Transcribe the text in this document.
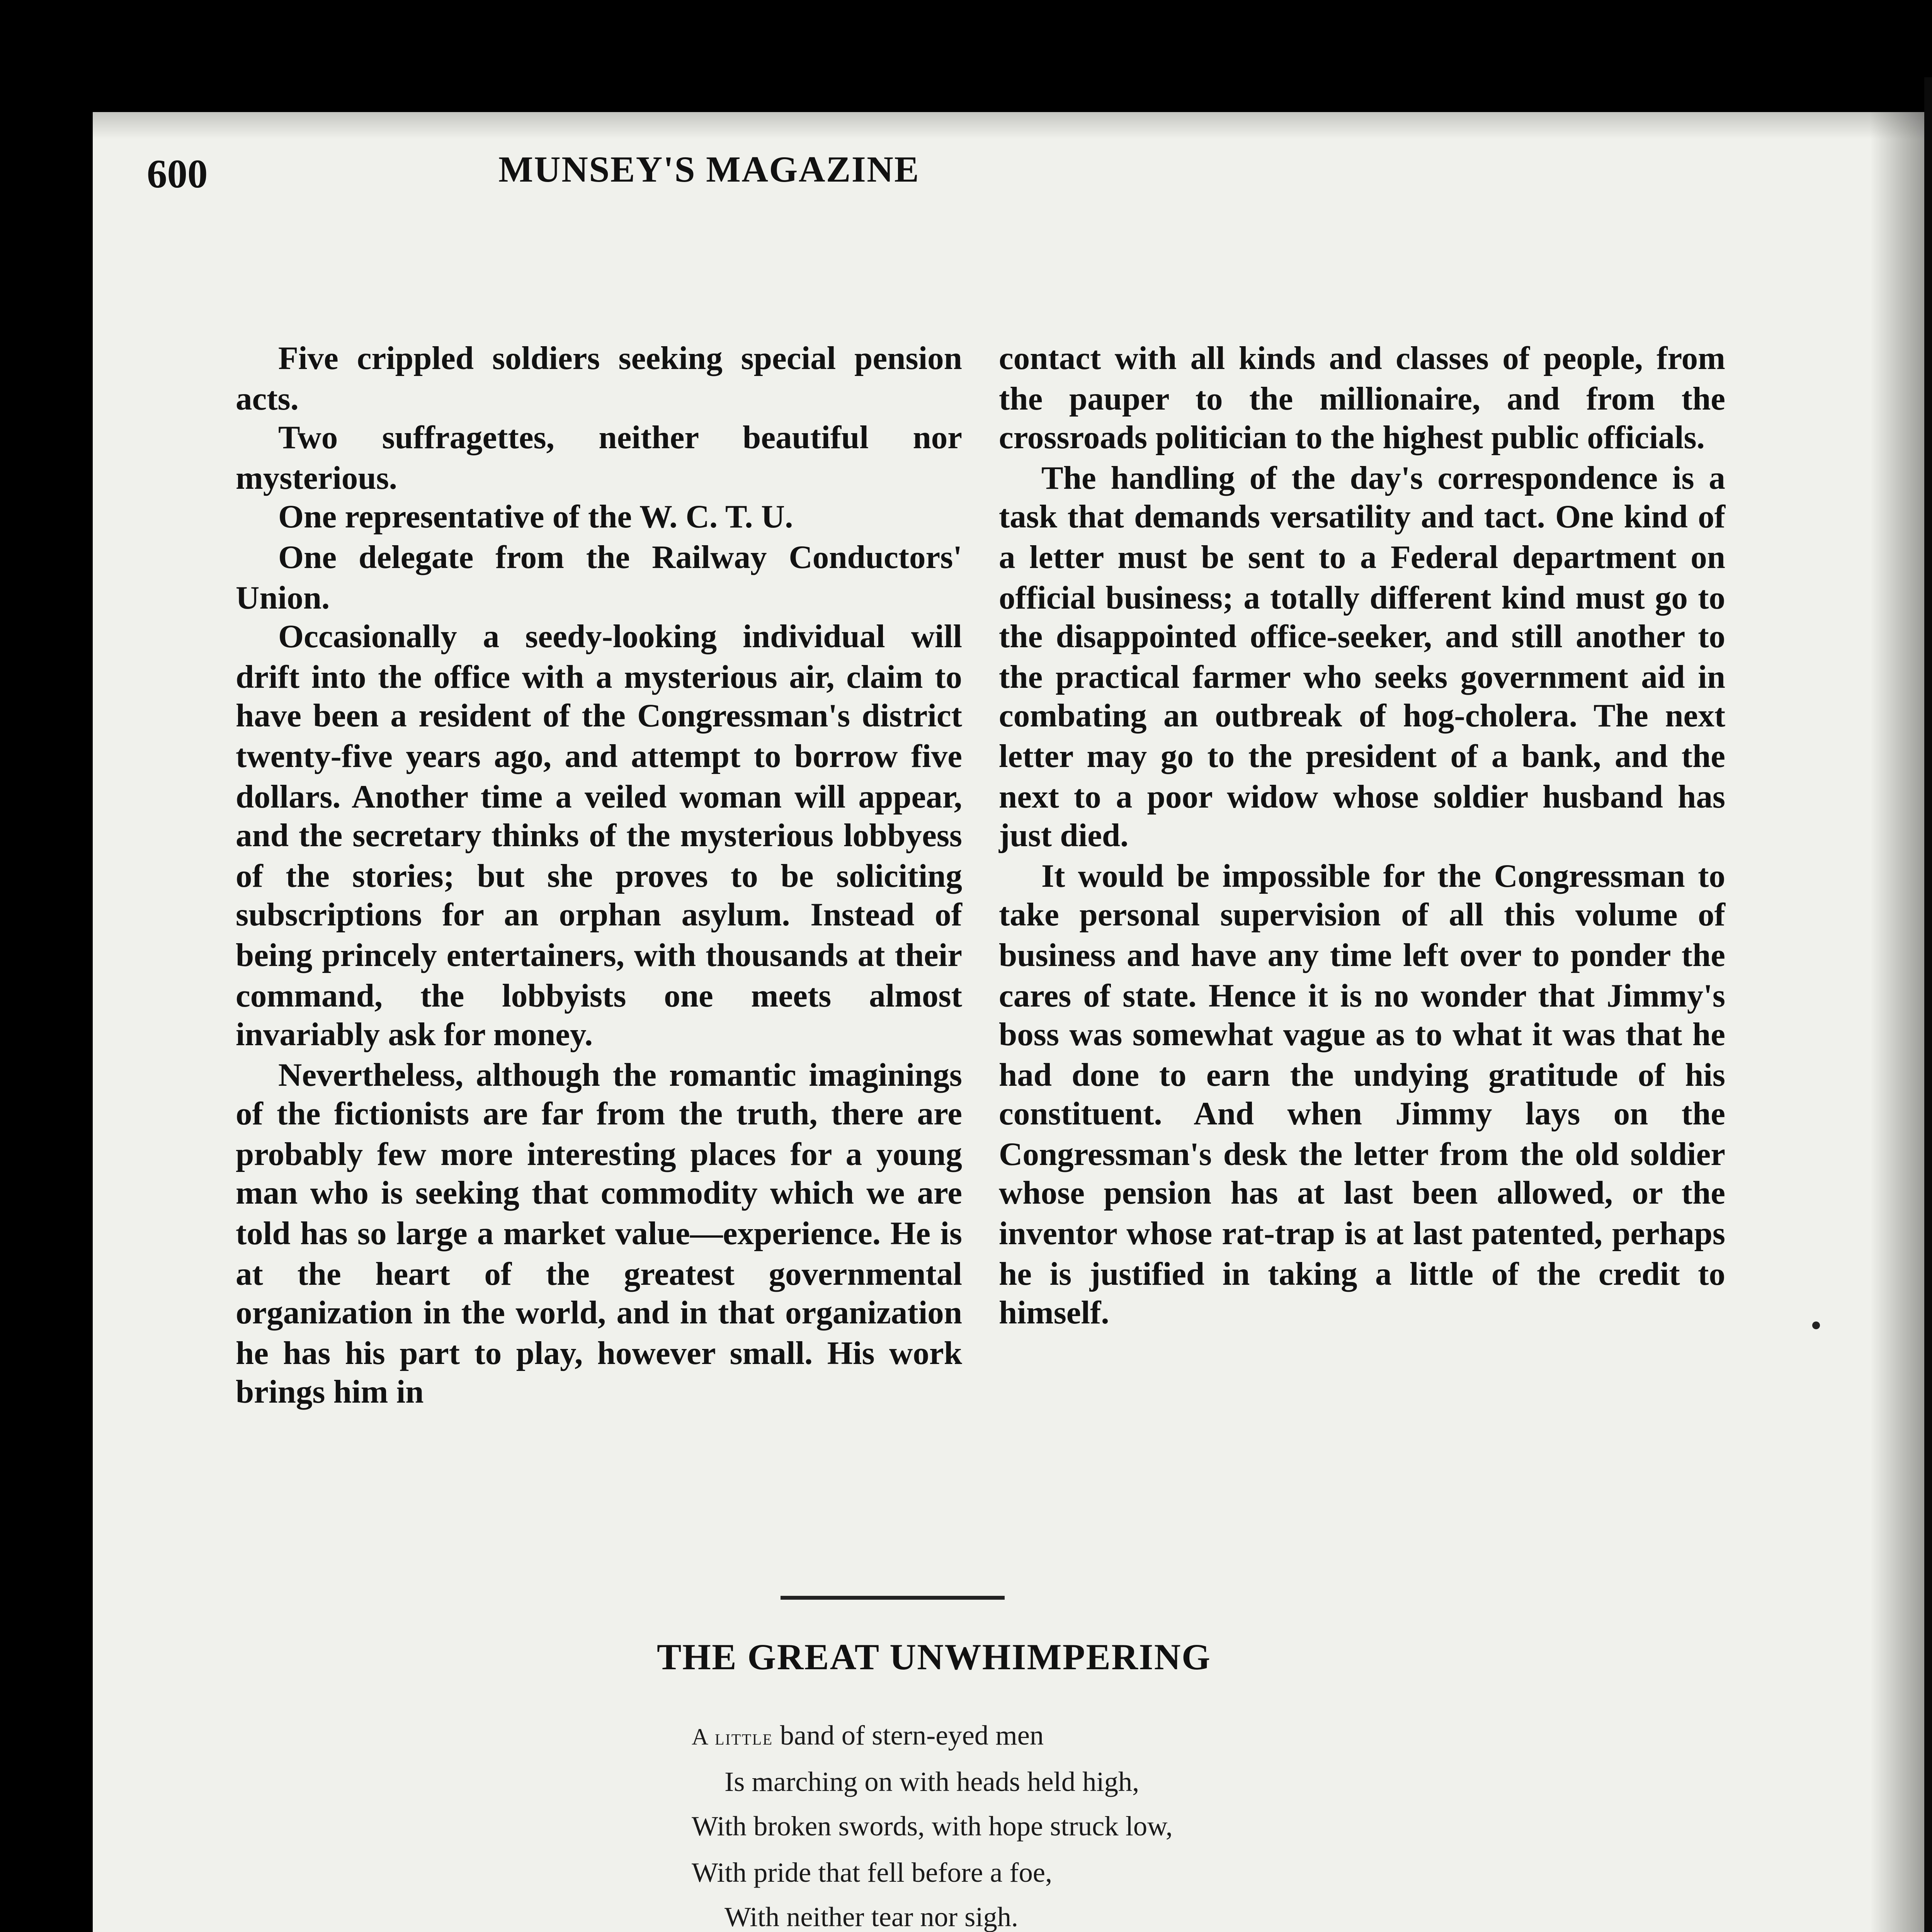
600	MUNSEY'S MAGAZINE

Five crippled soldiers seeking special pension acts.

Two suffragettes, neither beautiful nor mysterious.

One representative of the W. C. T. U.

One delegate from the Railway Conductors' Union.

Occasionally a seedy-looking individual will drift into the office with a mysterious air, claim to have been a resident of the Congressman's district twenty-five years ago, and attempt to borrow five dollars. Another time a veiled woman will appear, and the secretary thinks of the mysterious lobbyess of the stories; but she proves to be soliciting subscriptions for an orphan asylum. Instead of being princely entertainers, with thousands at their command, the lobbyists one meets almost invariably ask for money.

Nevertheless, although the romantic imaginings of the fictionists are far from the truth, there are probably few more interesting places for a young man who is seeking that commodity which we are told has so large a market value—experience. He is at the heart of the greatest governmental organization in the world, and in that organization he has his part to play, however small. His work brings him in

contact with all kinds and classes of people, from the pauper to the millionaire, and from the crossroads politician to the highest public officials.

The handling of the day's correspondence is a task that demands versatility and tact. One kind of a letter must be sent to a Federal department on official business; a totally different kind must go to the disappointed office-seeker, and still another to the practical farmer who seeks government aid in combating an outbreak of hog-cholera. The next letter may go to the president of a bank, and the next to a poor widow whose soldier husband has just died.

It would be impossible for the Congressman to take personal supervision of all this volume of business and have any time left over to ponder the cares of state. Hence it is no wonder that Jimmy's boss was somewhat vague as to what it was that he had done to earn the undying gratitude of his constituent. And when Jimmy lays on the Congressman's desk the letter from the old soldier whose pension has at last been allowed, or the inventor whose rat-trap is at last patented, perhaps he is justified in taking a little of the credit to himself.

THE GREAT UNWHIMPERING
A little band of stern-eyed men
Is marching on with heads held high,
With broken swords, with hope struck low,
With pride that fell before a foe,
With neither tear nor sigh.
